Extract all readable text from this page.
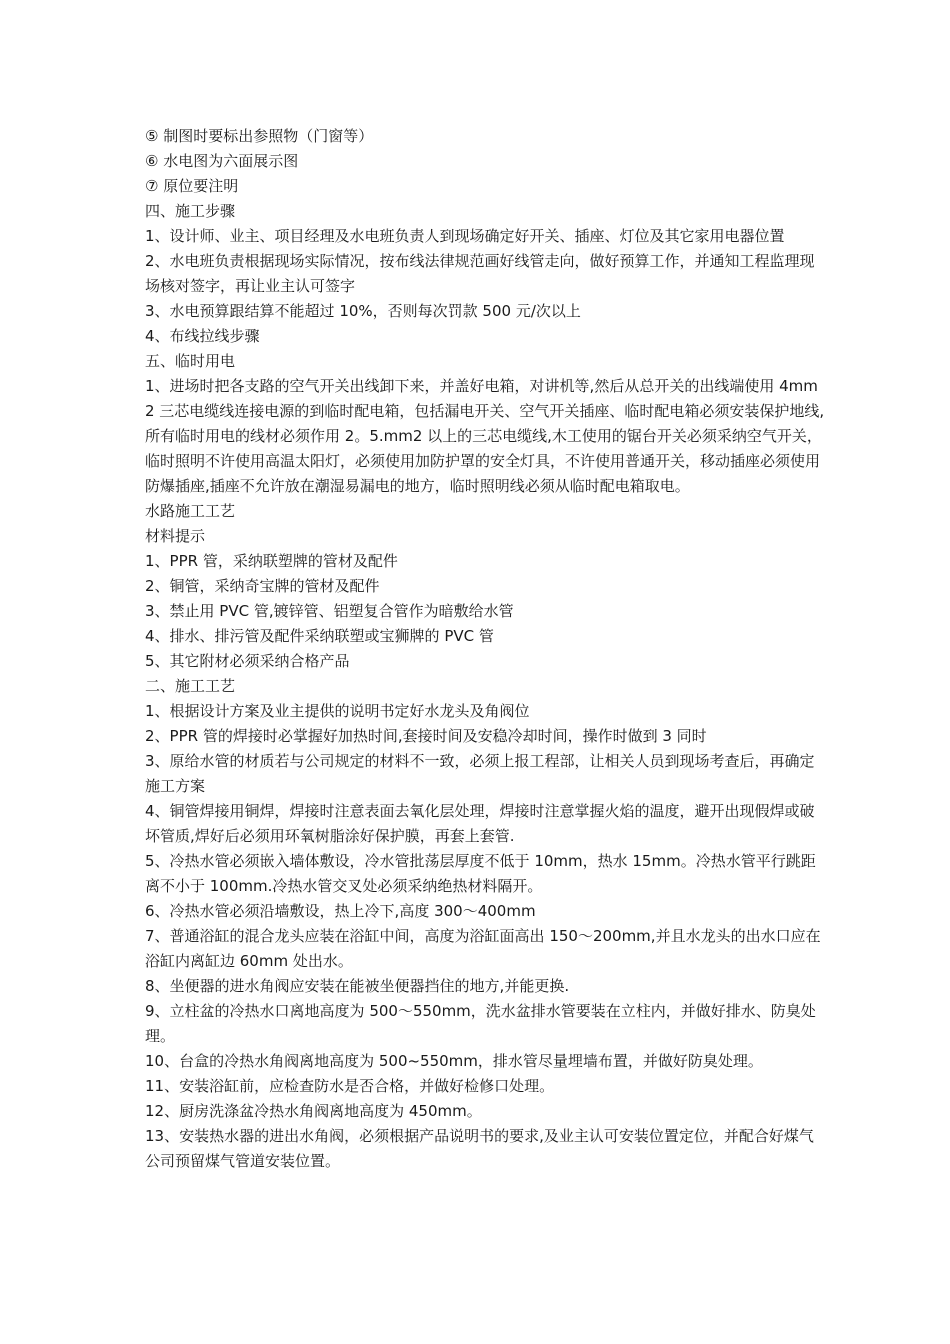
⑤ 制图时要标出参照物（门窗等）

⑥ 水电图为六面展示图

⑦ 原位要注明

四、施工步骤

1、设计师、业主、项目经理及水电班负责人到现场确定好开关、插座、灯位及其它家用电器位置

2、水电班负责根据现场实际情况，按布线法律规范画好线管走向，做好预算工作，并通知工程监理现场核对签字，再让业主认可签字

3、水电预算跟结算不能超过 10%，否则每次罚款 500 元/次以上

4、布线拉线步骤

五、临时用电

1、进场时把各支路的空气开关出线卸下来，并盖好电箱，对讲机等,然后从总开关的出线端使用 4mm2 三芯电缆线连接电源的到临时配电箱，包括漏电开关、空气开关插座、临时配电箱必须安装保护地线,所有临时用电的线材必须作用 2。5.mm2 以上的三芯电缆线,木工使用的锯台开关必须采纳空气开关，临时照明不许使用高温太阳灯，必须使用加防护罩的安全灯具，不许使用普通开关，移动插座必须使用防爆插座,插座不允许放在潮湿易漏电的地方，临时照明线必须从临时配电箱取电。

水路施工工艺

材料提示

1、PPR 管，采纳联塑牌的管材及配件

2、铜管，采纳奇宝牌的管材及配件

3、禁止用 PVC 管,镀锌管、铝塑复合管作为暗敷给水管

4、排水、排污管及配件采纳联塑或宝狮牌的 PVC 管

5、其它附材必须采纳合格产品

二、施工工艺

1、根据设计方案及业主提供的说明书定好水龙头及角阀位

2、PPR 管的焊接时必掌握好加热时间,套接时间及安稳冷却时间，操作时做到 3 同时

3、原给水管的材质若与公司规定的材料不一致，必须上报工程部，让相关人员到现场考查后，再确定施工方案

4、铜管焊接用铜焊，焊接时注意表面去氧化层处理，焊接时注意掌握火焰的温度，避开出现假焊或破坏管质,焊好后必须用环氧树脂涂好保护膜，再套上套管.

5、冷热水管必须嵌入墙体敷设，冷水管批荡层厚度不低于 10mm，热水 15mm。冷热水管平行跳距离不小于 100mm.冷热水管交叉处必须采纳绝热材料隔开。

6、冷热水管必须沿墙敷设，热上冷下,高度 300～400mm

7、普通浴缸的混合龙头应装在浴缸中间，高度为浴缸面高出 150～200mm,并且水龙头的出水口应在浴缸内离缸边 60mm 处出水。

8、坐便器的进水角阀应安装在能被坐便器挡住的地方,并能更换.

9、立柱盆的冷热水口离地高度为 500～550mm，洗水盆排水管要装在立柱内，并做好排水、防臭处理。

10、台盒的冷热水角阀离地高度为 500~550mm，排水管尽量埋墙布置，并做好防臭处理。

11、安装浴缸前，应检查防水是否合格，并做好检修口处理。

12、厨房洗涤盆冷热水角阀离地高度为 450mm。

13、安装热水器的进出水角阀，必须根据产品说明书的要求,及业主认可安装位置定位，并配合好煤气公司预留煤气管道安装位置。
